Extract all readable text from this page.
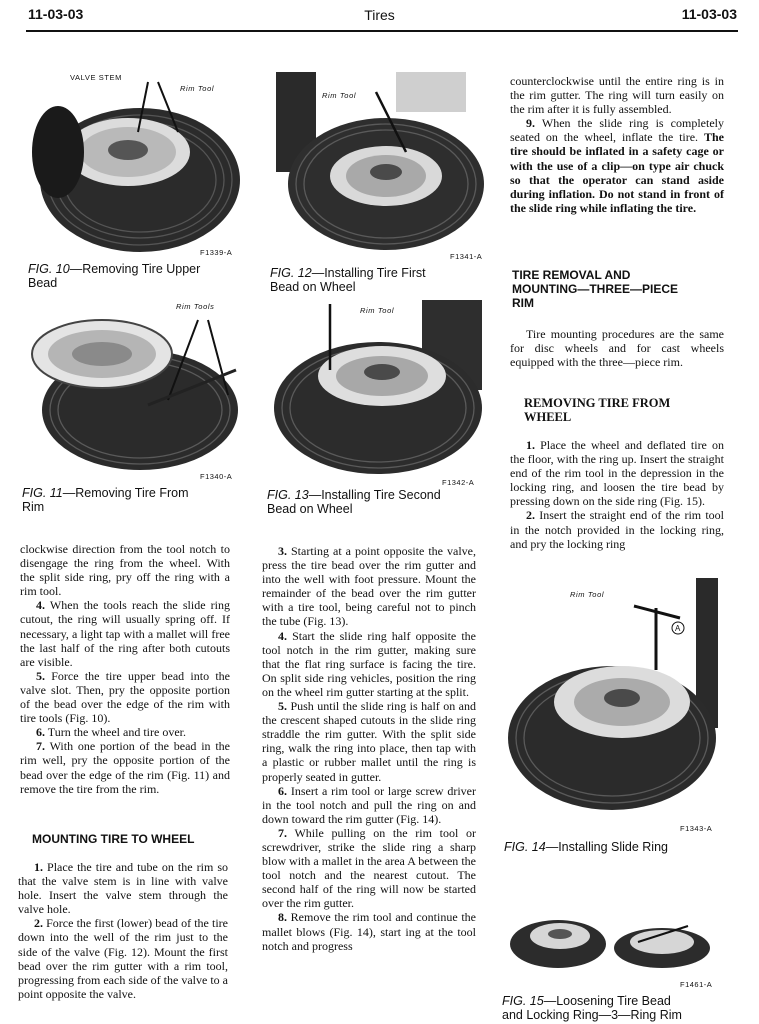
11-03-03	Tires	11-03-03
VALVE STEM
Rim Tool
F1339-A
FIG. 10—Removing Tire Upper
Bead
Rim Tool
F1341-A
FIG. 12—Installing Tire First
Bead on Wheel
Rim Tools
F1340-A
FIG. 11—Removing Tire From
Rim
Rim Tool
F1342-A
FIG. 13—Installing Tire Second
Bead on Wheel

clockwise direction from the tool notch to disengage the ring from the wheel. With the split side ring, pry off the ring with a rim tool.

4. When the tools reach the slide ring cutout, the ring will usually spring off. If necessary, a light tap with a mallet will free the last half of the ring after both cutouts are visible.

5. Force the tire upper bead into the valve slot. Then, pry the opposite portion of the bead over the edge of the rim with tire tools (Fig. 10).

6. Turn the wheel and tire over.

7. With one portion of the bead in the rim well, pry the opposite portion of the bead over the edge of the rim (Fig. 11) and remove the tire from the rim.

MOUNTING TIRE TO WHEEL

1. Place the tire and tube on the rim so that the valve stem is in line with valve hole. Insert the valve stem through the valve hole.

2. Force the first (lower) bead of the tire down into the well of the rim just to the side of the valve (Fig. 12). Mount the first bead over the rim gutter with a rim tool, progressing from each side of the valve to a point opposite the valve.

3. Starting at a point opposite the valve, press the tire bead over the rim gutter and into the well with foot pressure. Mount the remainder of the bead over the rim gutter with a tire tool, being careful not to pinch the tube (Fig. 13).

4. Start the slide ring half opposite the tool notch in the rim gutter, making sure that the flat ring surface is facing the tire. On split side ring vehicles, position the ring on the wheel rim gutter starting at the split.

5. Push until the slide ring is half on and the crescent shaped cutouts in the slide ring straddle the rim gutter. With the split side ring, walk the ring into place, then tap with a plastic or rubber mallet until the ring is properly seated in gutter.

6. Insert a rim tool or large screw driver in the tool notch and pull the ring on and down toward the rim gutter (Fig. 14).

7. While pulling on the rim tool or screwdriver, strike the slide ring a sharp blow with a mallet in the area A between the tool notch and the nearest cutout. The second half of the ring will now be started over the rim gutter.

8. Remove the rim tool and continue the mallet blows (Fig. 14), start ing at the tool notch and progress

counterclockwise until the entire ring is in the rim gutter. The ring will turn easily on the rim after it is fully assembled.

9. When the slide ring is completely seated on the wheel, inflate the tire. The tire should be inflated in a safety cage or with the use of a clip—on type air chuck so that the operator can stand aside during inflation. Do not stand in front of the slide ring while inflating the tire.

TIRE REMOVAL AND
MOUNTING—THREE—PIECE
RIM

Tire mounting procedures are the same for disc wheels and for cast wheels equipped with the three—piece rim.

REMOVING TIRE FROM
WHEEL

1. Place the wheel and deflated tire on the floor, with the ring up. Insert the straight end of the rim tool in the depression in the locking ring, and loosen the tire bead by pressing down on the side ring (Fig. 15).

2. Insert the straight end of the rim tool in the notch provided in the locking ring, and pry the locking ring

Rim Tool
A
F1343-A
FIG. 14—Installing Slide Ring
F1461-A
FIG. 15—Loosening Tire Bead
and Locking Ring—3—Ring Rim
